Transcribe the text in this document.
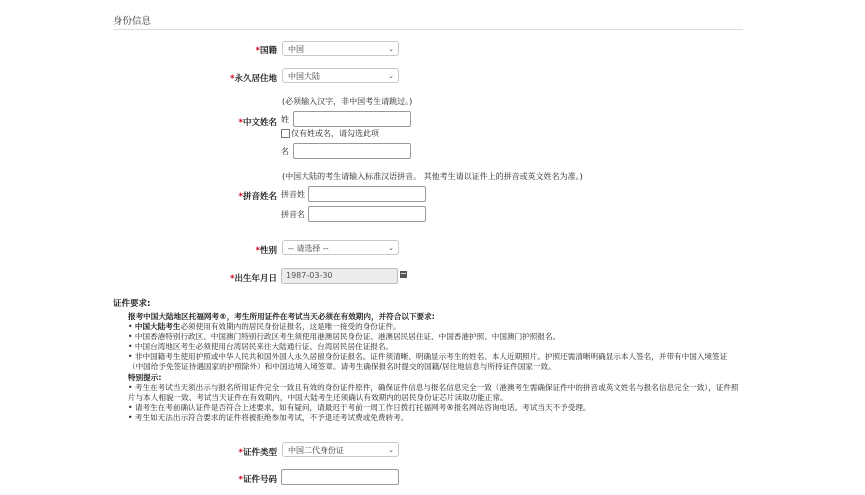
身份信息
*国籍	中国	⌄
*永久居住地	中国大陆	⌄
(必须输入汉字，非中国考生请跳过。)
*中文姓名 姓
仅有姓或名，请勾选此项
名
(中国大陆的考生请输入标准汉语拼音。 其他考生请以证件上的拼音或英文姓名为准。)
*拼音姓名 拼音姓
拼音名
*性别	-- 请选择 --	⌄
*出生年月日	1987-03-30
证件要求:

报考中国大陆地区托福网考®，考生所用证件在考试当天必须在有效期内，并符合以下要求:

• 中国大陆考生必须使用有效期内的居民身份证报名，这是唯一接受的身份证件。

• 中国香港特别行政区、中国澳门特别行政区考生须使用港澳居民身份证、港澳居民居住证、中国香港护照、中国澳门护照报名。

• 中国台湾地区考生必须使用台湾居民来往大陆通行证、台湾居民居住证报名。

• 非中国籍考生使用护照或中华人民共和国外国人永久居留身份证报名。证件须清晰、明确显示考生的姓名、本人近期照片。护照还需清晰明确显示本人签名，并带有中国入境签证（中国给予免签证待遇国家的护照除外）和中国边境入境签章。请考生确保报名时提交的国籍/居住地信息与所持证件国家一致。

特别提示:

• 考生在考试当天须出示与报名所用证件完全一致且有效的身份证件原件，确保证件信息与报名信息完全一致（港澳考生需确保证件中的拼音或英文姓名与报名信息完全一致），证件照片与本人相貌一致、考试当天证件在有效期内，中国大陆考生还须确认有效期内的居民身份证芯片读取功能正常。

• 请考生在考前确认证件是否符合上述要求，如有疑问，请最迟于考前一周工作日拨打托福网考®报名网站咨询电话。考试当天不予受理。

• 考生如无法出示符合要求的证件将被拒绝参加考试，不予退还考试费或免费转考。

*证件类型	中国二代身份证	⌄
*证件号码
